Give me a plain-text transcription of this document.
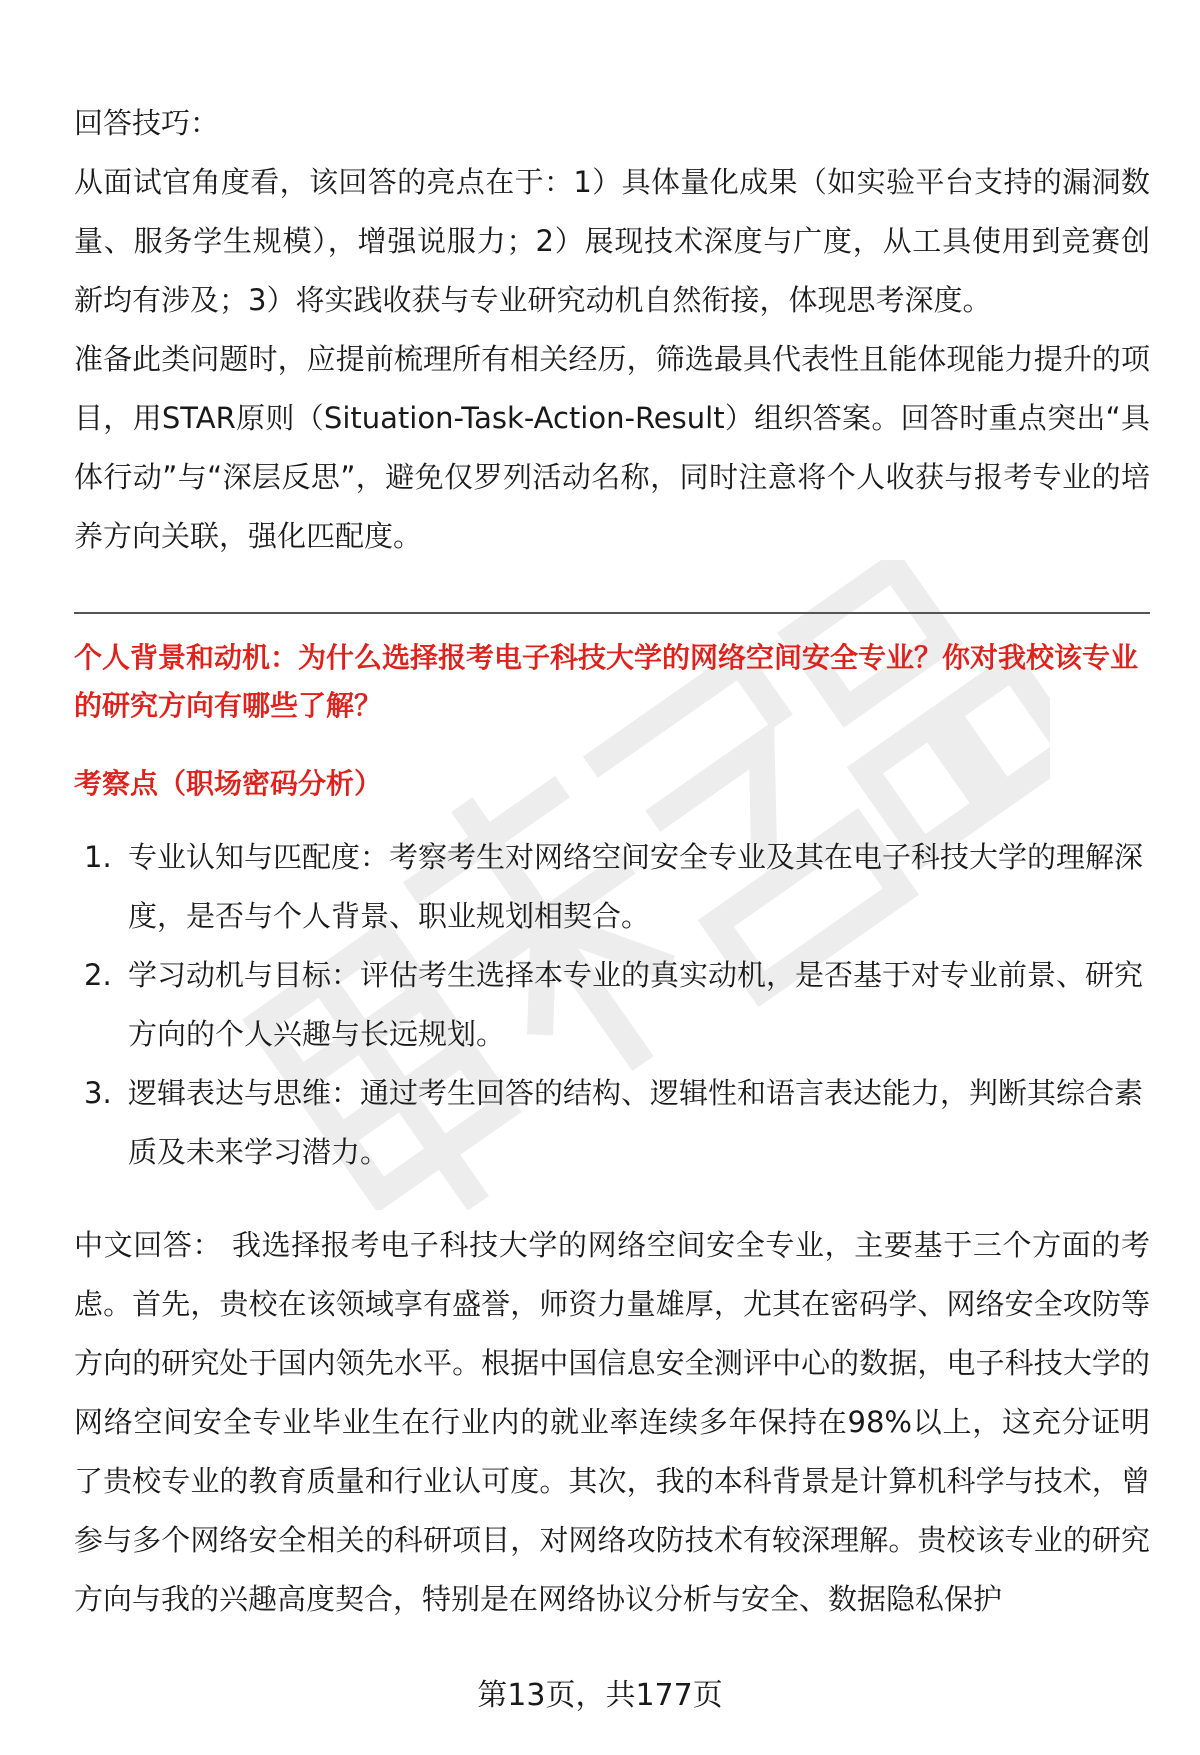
回答技巧：

从面试官角度看，该回答的亮点在于：1）具体量化成果（如实验平台支持的漏洞数量、服务学生规模），增强说服力；2）展现技术深度与广度，从工具使用到竞赛创新均有涉及；3）将实践收获与专业研究动机自然衔接，体现思考深度。

准备此类问题时，应提前梳理所有相关经历，筛选最具代表性且能体现能力提升的项目，用STAR原则（Situation-Task-Action-Result）组织答案。回答时重点突出“具体行动”与“深层反思”，避免仅罗列活动名称，同时注意将个人收获与报考专业的培养方向关联，强化匹配度。

个人背景和动机：为什么选择报考电子科技大学的网络空间安全专业？你对我校该专业的研究方向有哪些了解？

考察点（职场密码分析）

1. 专业认知与匹配度：考察考生对网络空间安全专业及其在电子科技大学的理解深度，是否与个人背景、职业规划相契合。
2. 学习动机与目标：评估考生选择本专业的真实动机，是否基于对专业前景、研究方向的个人兴趣与长远规划。
3. 逻辑表达与思维：通过考生回答的结构、逻辑性和语言表达能力，判断其综合素质及未来学习潜力。

中文回答： 我选择报考电子科技大学的网络空间安全专业，主要基于三个方面的考虑。首先，贵校在该领域享有盛誉，师资力量雄厚，尤其在密码学、网络安全攻防等方向的研究处于国内领先水平。根据中国信息安全测评中心的数据，电子科技大学的网络空间安全专业毕业生在行业内的就业率连续多年保持在98%以上，这充分证明了贵校专业的教育质量和行业认可度。其次，我的本科背景是计算机科学与技术，曾参与多个网络安全相关的科研项目，对网络攻防技术有较深理解。贵校该专业的研究方向与我的兴趣高度契合，特别是在网络协议分析与安全、数据隐私保护

第13页，共177页
